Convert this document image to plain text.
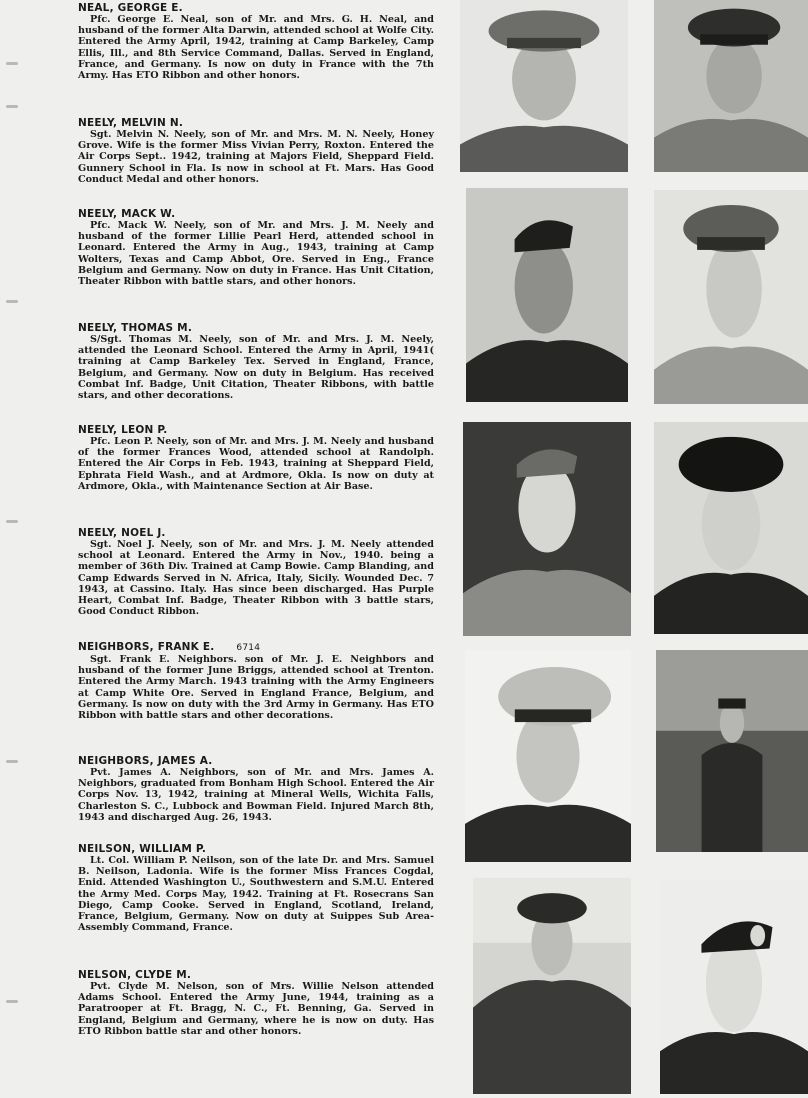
NEAL, GEORGE E.

Pfc. George E. Neal, son of Mr. and Mrs. G. H. Neal, and husband of the former Alta Darwin, attended school at Wolfe City. Entered the Army April, 1942, training at Camp Barkeley, Camp Ellis, Ill., and 8th Service Command, Dallas. Served in England, France, and Germany. Is now on duty in France with the 7th Army. Has ETO Ribbon and other honors.

NEELY, MELVIN N.

Sgt. Melvin N. Neely, son of Mr. and Mrs. M. N. Neely, Honey Grove. Wife is the former Miss Vivian Perry, Roxton. Entered the Air Corps Sept.. 1942, training at Majors Field, Sheppard Field. Gunnery School in Fla. Is now in school at Ft. Mars. Has Good Conduct Medal and other honors.

NEELY, MACK W.

Pfc. Mack W. Neely, son of Mr. and Mrs. J. M. Neely and husband of the former Lillie Pearl Herd, attended school in Leonard. Entered the Army in Aug., 1943, training at Camp Wolters, Texas and Camp Abbot, Ore. Served in Eng., France Belgium and Germany. Now on duty in France. Has Unit Citation, Theater Ribbon with battle stars, and other honors.

NEELY, THOMAS M.

S/Sgt. Thomas M. Neely, son of Mr. and Mrs. J. M. Neely, attended the Leonard School. Entered the Army in April, 1941( training at Camp Barkeley Tex. Served in England, France, Belgium, and Germany. Now on duty in Belgium. Has received Combat Inf. Badge, Unit Citation, Theater Ribbons, with battle stars, and other decorations.

NEELY, LEON P.

Pfc. Leon P. Neely, son of Mr. and Mrs. J. M. Neely and husband of the former Frances Wood, attended school at Randolph. Entered the Air Corps in Feb. 1943, training at Sheppard Field, Ephrata Field Wash., and at Ardmore, Okla. Is now on duty at Ardmore, Okla., with Maintenance Section at Air Base.

NEELY, NOEL J.

Sgt. Noel J. Neely, son of Mr. and Mrs. J. M. Neely attended school at Leonard. Entered the Army in Nov., 1940. being a member of 36th Div. Trained at Camp Bowie. Camp Blanding, and Camp Edwards Served in N. Africa, Italy, Sicily. Wounded Dec. 7 1943, at Cassino. Italy. Has since been discharged. Has Purple Heart, Combat Inf. Badge, Theater Ribbon with 3 battle stars, Good Conduct Ribbon.

NEIGHBORS, FRANK E. 6714

Sgt. Frank E. Neighbors. son of Mr. J. E. Neighbors and husband of the former June Briggs, attended school at Trenton. Entered the Army March. 1943 training with the Army Engineers at Camp White Ore. Served in England France, Belgium, and Germany. Is now on duty with the 3rd Army in Germany. Has ETO Ribbon with battle stars and other decorations.

NEIGHBORS, JAMES A.

Pvt. James A. Neighbors, son of Mr. and Mrs. James A. Neighbors, graduated from Bonham High School. Entered the Air Corps Nov. 13, 1942, training at Mineral Wells, Wichita Falls, Charleston S. C., Lubbock and Bowman Field. Injured March 8th, 1943 and discharged Aug. 26, 1943.

NEILSON, WILLIAM P.

Lt. Col. William P. Neilson, son of the late Dr. and Mrs. Samuel B. Neilson, Ladonia. Wife is the former Miss Frances Cogdal, Enid. Attended Washington U., Southwestern and S.M.U. Entered the Army Med. Corps May, 1942. Training at Ft. Rosecrans San Diego, Camp Cooke. Served in England, Scotland, Ireland, France, Belgium, Germany. Now on duty at Suippes Sub Area-Assembly Command, France.

NELSON, CLYDE M.

Pvt. Clyde M. Nelson, son of Mrs. Willie Nelson attended Adams School. Entered the Army June, 1944, training as a Paratrooper at Ft. Bragg, N. C., Ft. Benning, Ga. Served in England, Belgium and Germany, where he is now on duty. Has ETO Ribbon battle star and other honors.
